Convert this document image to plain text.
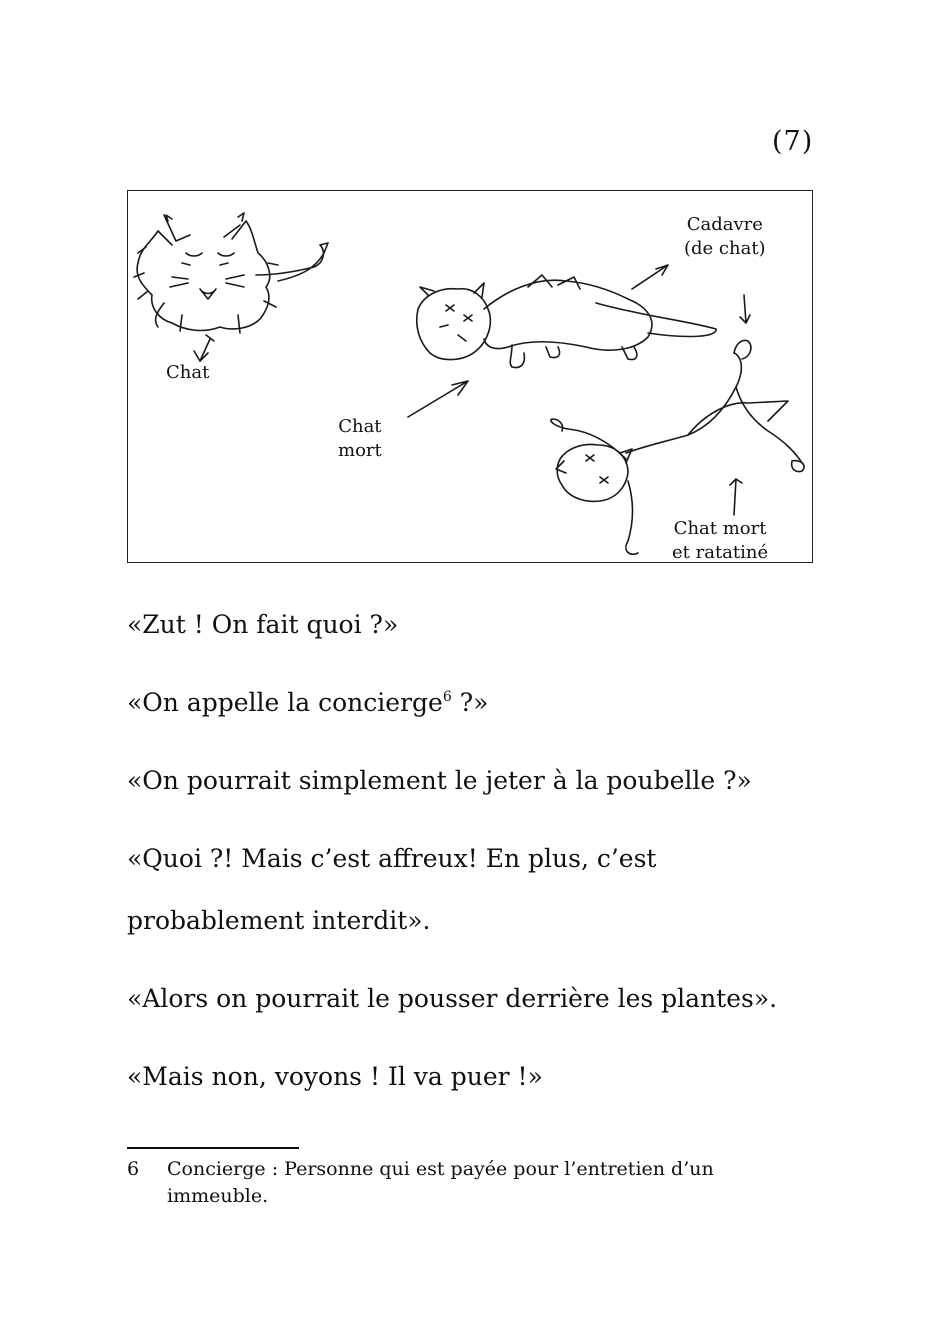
(7)
Chat
Chat
mort
Cadavre
(de chat)
Chat mort
et ratatiné
«Zut ! On fait quoi ?»
«On appelle la concierge$^6$ ?»
«On pourrait simplement le jeter à la poubelle ?»
«Quoi ?! Mais c’est affreux! En plus, c’est
probablement interdit».
«Alors on pourrait le pousser derrière les plantes».
«Mais non, voyons ! Il va puer !»
6 Concierge : Personne qui est payée pour l’entretien d’un immeuble.
